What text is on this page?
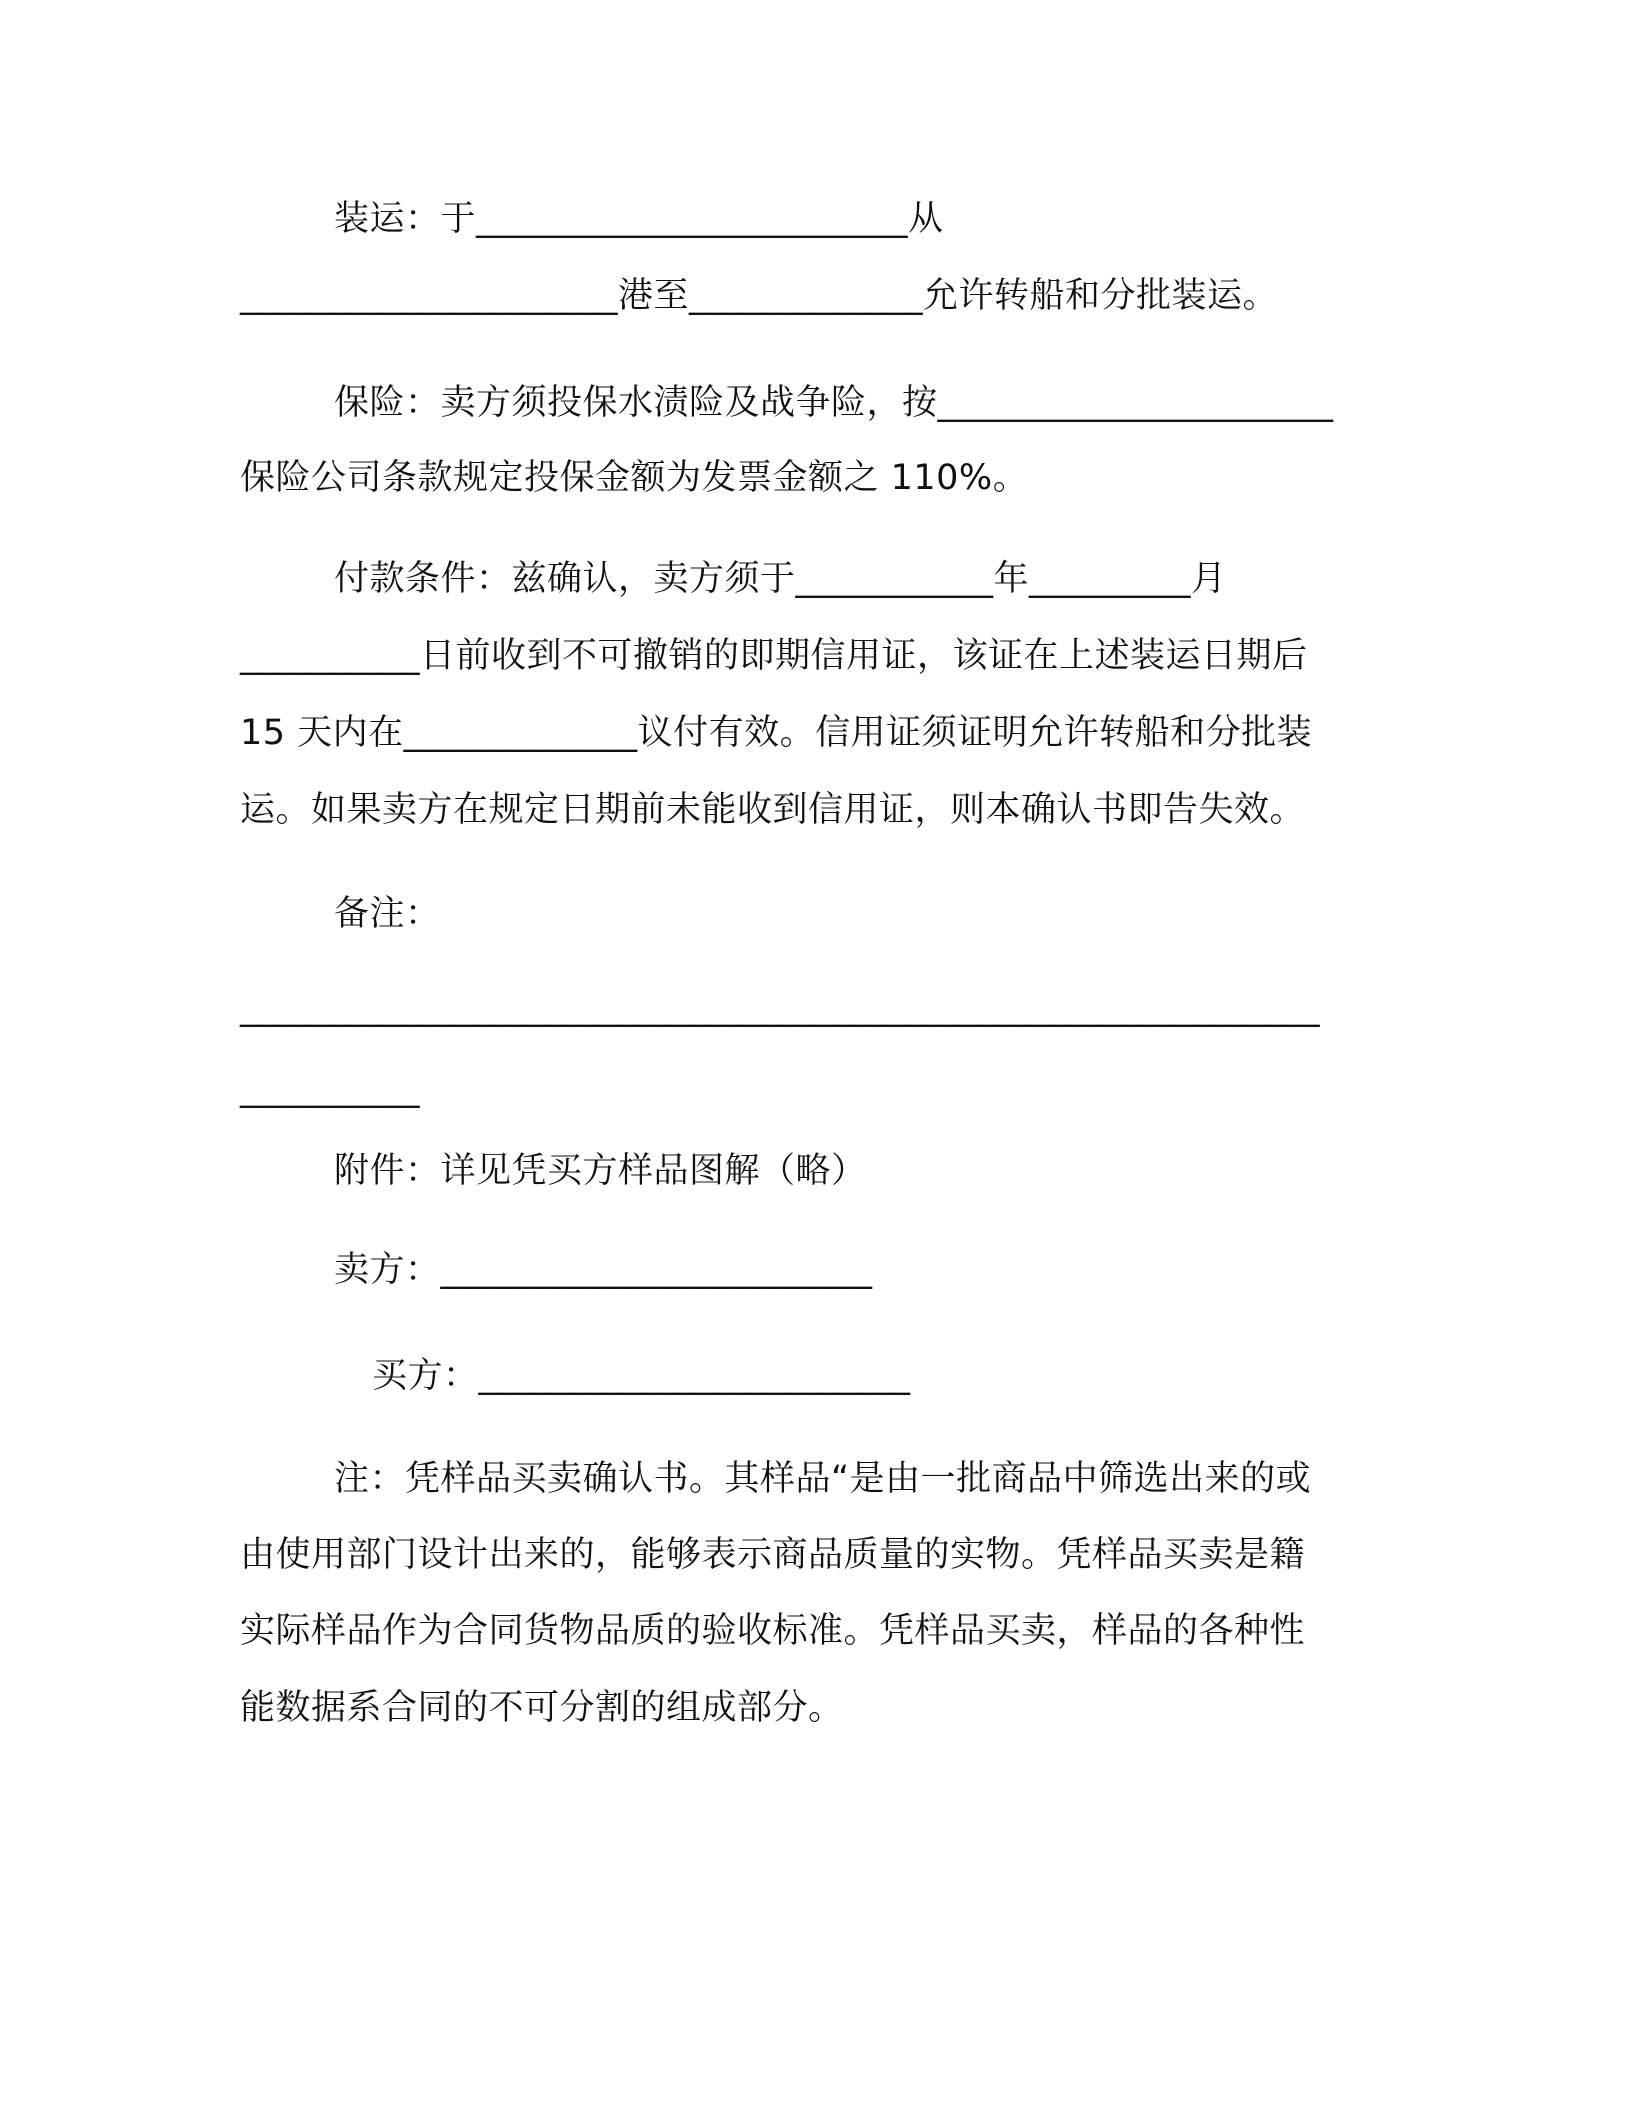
装运：于________________________从
_____________________港至_____________允许转船和分批装运。
保险：卖方须投保水渍险及战争险，按______________________
保险公司条款规定投保金额为发票金额之 110%。
付款条件：兹确认，卖方须于___________年_________月
__________日前收到不可撤销的即期信用证，该证在上述装运日期后
15 天内在_____________议付有效。信用证须证明允许转船和分批装
运。如果卖方在规定日期前未能收到信用证，则本确认书即告失效。
备注：
____________________________________________________________
__________
附件：详见凭买方样品图解（略）
卖方：________________________
买方：________________________
注：凭样品买卖确认书。其样品“是由一批商品中筛选出来的或
由使用部门设计出来的，能够表示商品质量的实物。凭样品买卖是籍
实际样品作为合同货物品质的验收标准。凭样品买卖，样品的各种性
能数据系合同的不可分割的组成部分。
